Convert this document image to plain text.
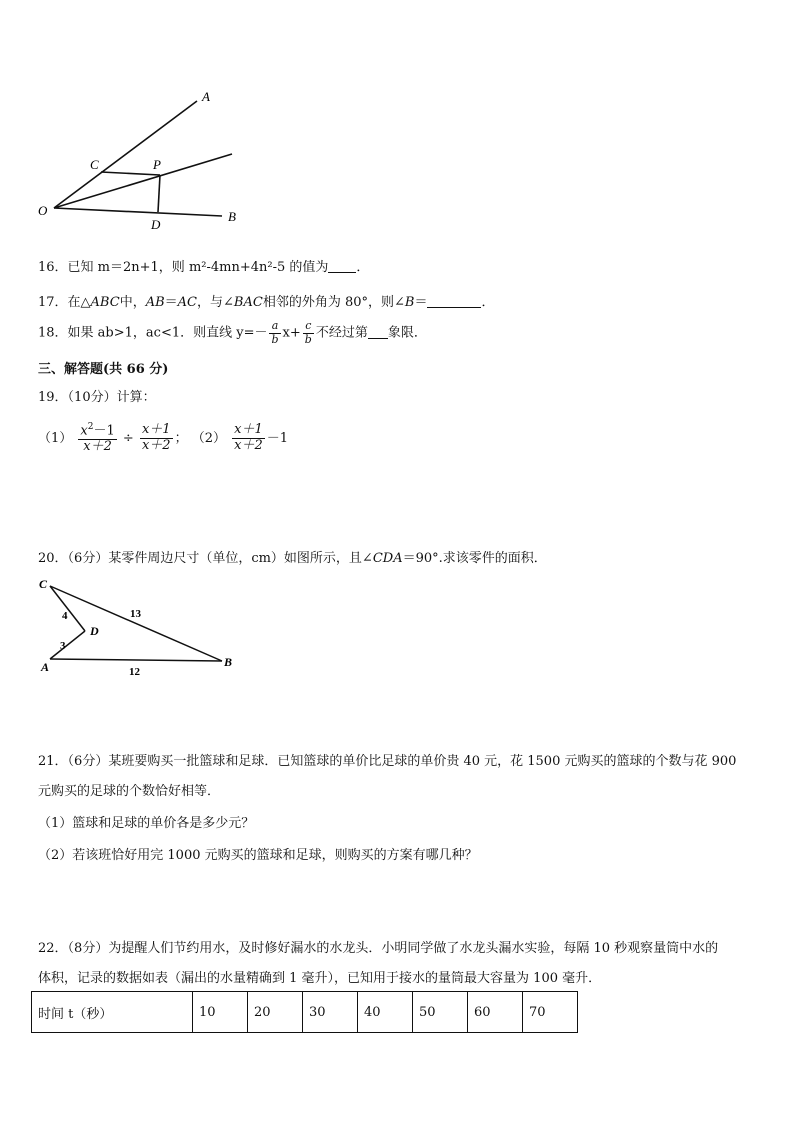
A
C	P
O
D
B
16．已知 m＝2n+1，则 m²-4mn+4n²-5 的值为 ．
17．在△ABC中，AB＝AC，与∠BAC相邻的外角为 80°，则∠B＝	．
18．如果 ab>1，ac<1．则直线 $y=- \frac{a}{b} x+ \frac{c}{b}$ 不经过第 象限．
三、解答题(共 66 分)
19．（10分）计算：
$(1) \frac{x^2-1}{x+2} \div \frac{x+1}{x+2}$ ； $(2) \frac{x+1}{x+2} -1$
20．（6分）某零件周边尺寸（单位，cm）如图所示，且∠CDA＝90°.求该零件的面积．
C
D
A	B
4
3
12
13
21．（6分）某班要购买一批篮球和足球．已知篮球的单价比足球的单价贵 40 元，花 1500 元购买的篮球的个数与花 900
元购买的足球的个数恰好相等．
（1）篮球和足球的单价各是多少元？
（2）若该班恰好用完 1000 元购买的篮球和足球，则购买的方案有哪几种？
22．（8分）为提醒人们节约用水，及时修好漏水的水龙头．小明同学做了水龙头漏水实验，每隔 10 秒观察量筒中水的
体积，记录的数据如表（漏出的水量精确到 1 毫升），已知用于接水的量筒最大容量为 100 毫升．
时间 t（秒）	10	20	30	40	50	60	70
